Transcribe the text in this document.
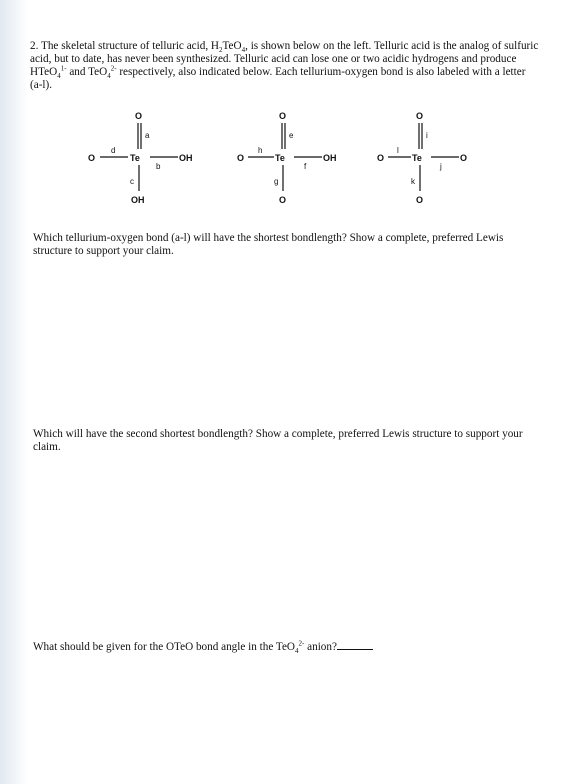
2. The skeletal structure of telluric acid, $H_2TeO_4$, is shown below on the left. Telluric acid is the analog of sulfuric acid, but to date, has never been synthesized. Telluric acid can lose one or two acidic hydrogens and produce HTeO$_4^{1-}$ and TeO$_4^{2-}$ respectively, also indicated below. Each tellurium-oxygen bond is also labeled with a letter (a-l).

O
O	Te	OH
OH
a
d
b
c
O
O	Te	OH
O
e
h
f
g
O
O	Te	O
O
i
l
j
k

Which tellurium-oxygen bond (a-l) will have the shortest bondlength? Show a complete, preferred Lewis structure to support your claim.

Which will have the second shortest bondlength? Show a complete, preferred Lewis structure to support your claim.

What should be given for the OTeO bond angle in the TeO$_4^{2-}$ anion?
